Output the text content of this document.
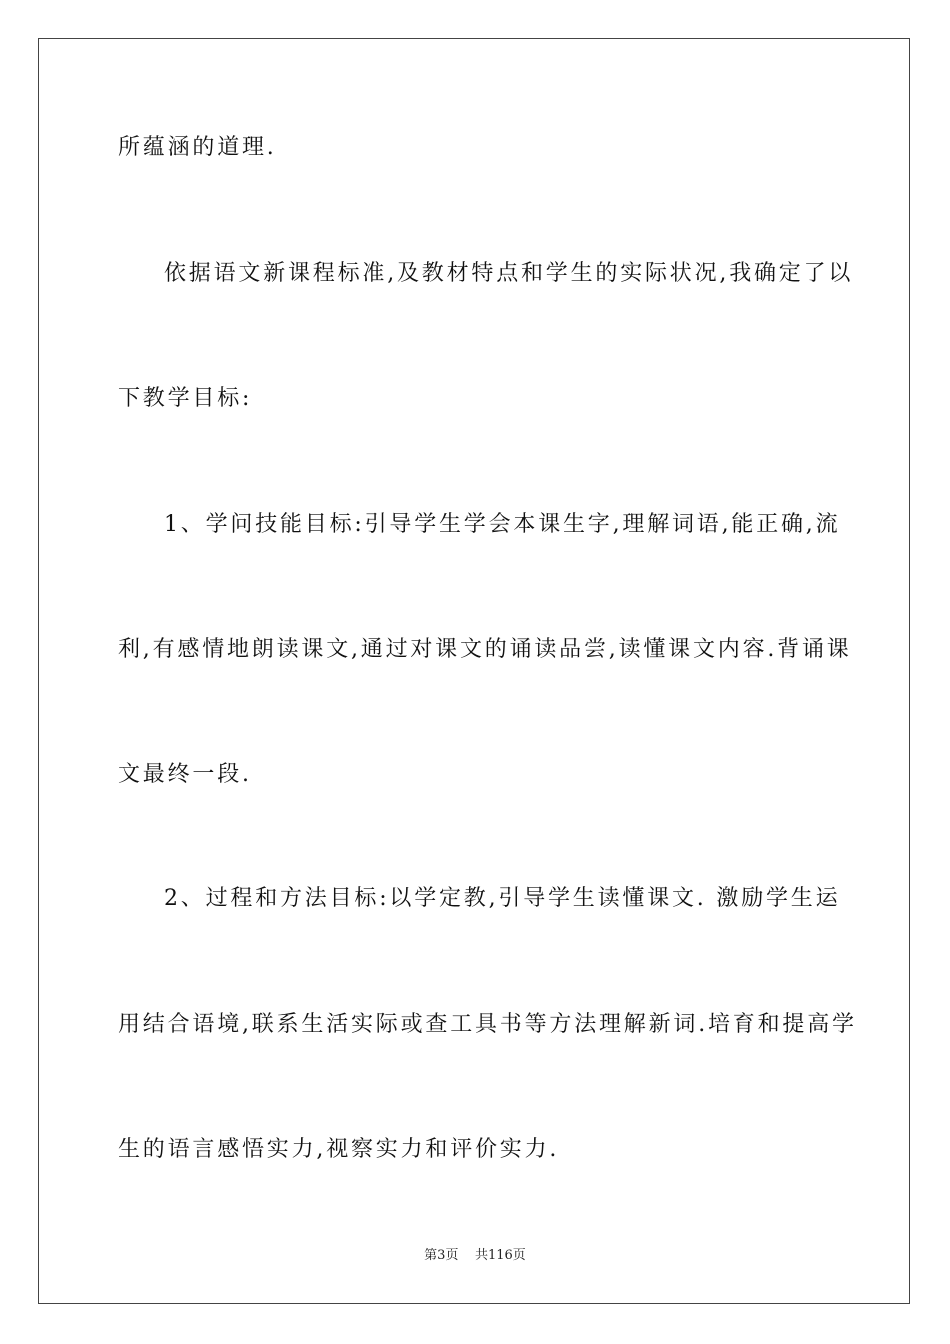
所蕴涵的道理.
依据语文新课程标准,及教材特点和学生的实际状况,我确定了以
下教学目标:
1、学问技能目标:引导学生学会本课生字,理解词语,能正确,流
利,有感情地朗读课文,通过对课文的诵读品尝,读懂课文内容.背诵课
文最终一段.
2、过程和方法目标:以学定教,引导学生读懂课文. 激励学生运
用结合语境,联系生活实际或查工具书等方法理解新词.培育和提高学
生的语言感悟实力,视察实力和评价实力.
第3页 共116页
